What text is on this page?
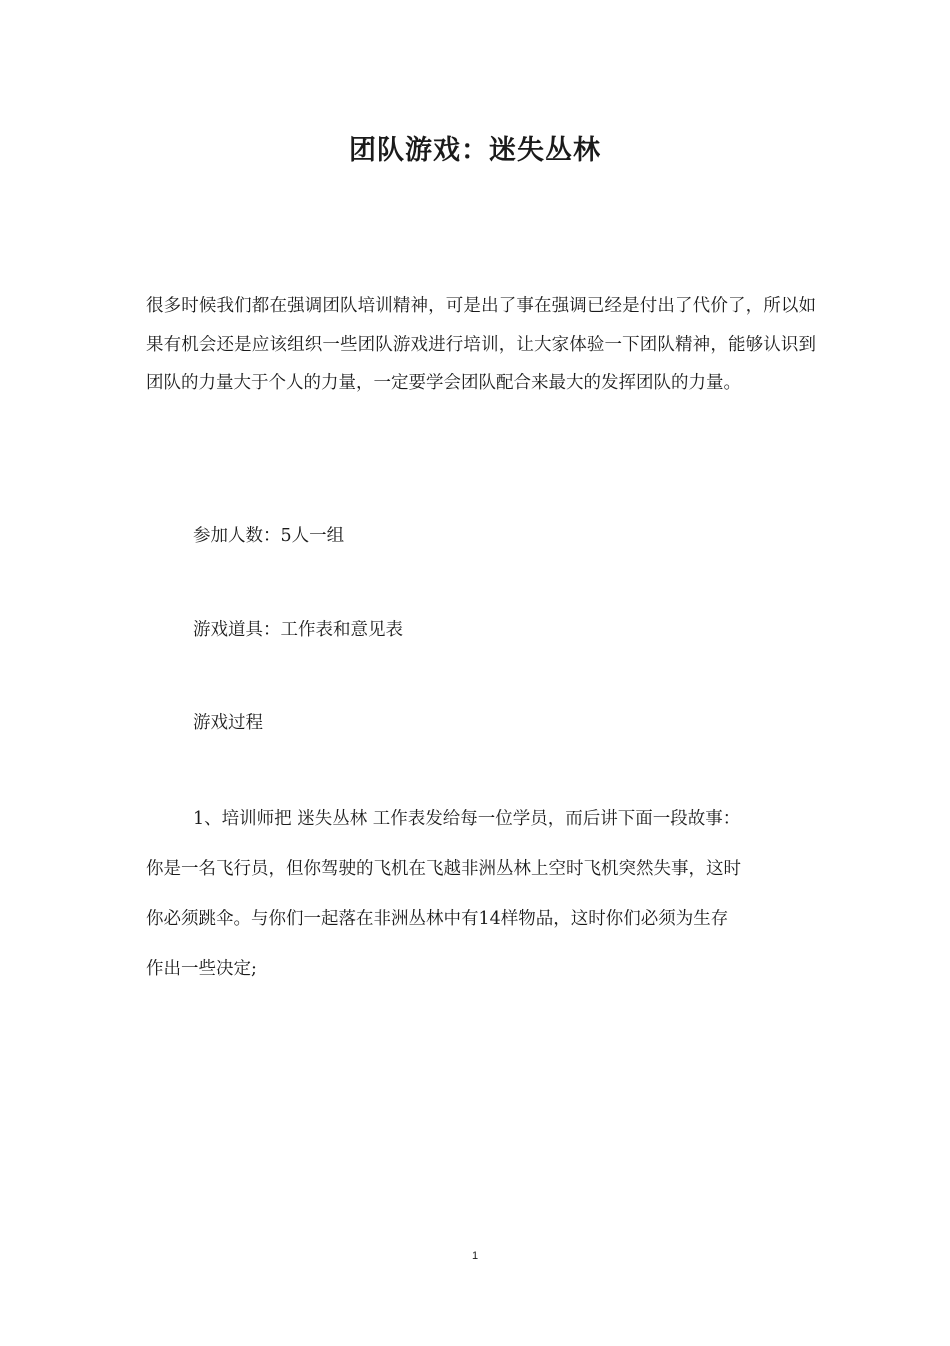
团队游戏：迷失丛林

很多时候我们都在强调团队培训精神，可是出了事在强调已经是付出了代价了，所以如果有机会还是应该组织一些团队游戏进行培训，让大家体验一下团队精神，能够认识到团队的力量大于个人的力量，一定要学会团队配合来最大的发挥团队的力量。

参加人数：5人一组

游戏道具：工作表和意见表

游戏过程

1、培训师把 迷失丛林 工作表发给每一位学员，而后讲下面一段故事：

你是一名飞行员，但你驾驶的飞机在飞越非洲丛林上空时飞机突然失事，这时

你必须跳伞。与你们一起落在非洲丛林中有14样物品，这时你们必须为生存

作出一些决定;

1
